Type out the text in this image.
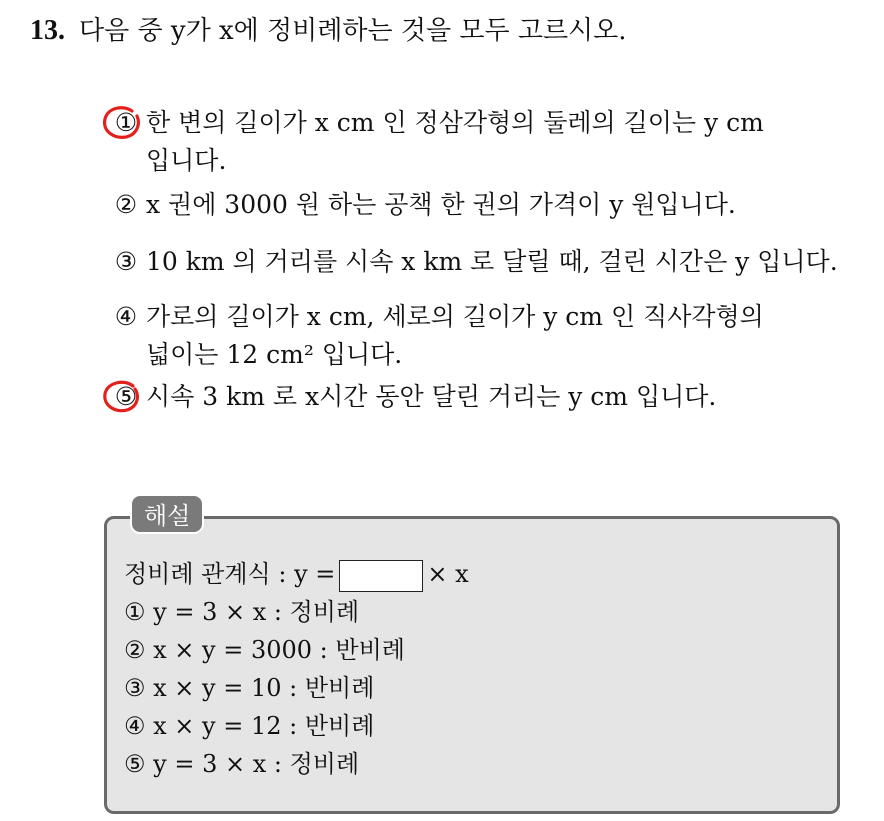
13. 다음 중 y가 x에 정비례하는 것을 모두 고르시오.
① 한 변의 길이가 x cm 인 정삼각형의 둘레의 길이는 y cm
입니다.
② x 권에 3000 원 하는 공책 한 권의 가격이 y 원입니다.
③ 10 km 의 거리를 시속 x km 로 달릴 때, 걸린 시간은 y 입니다.
④ 가로의 길이가 x cm, 세로의 길이가 y cm 인 직사각형의
넓이는 12 cm² 입니다.
⑤ 시속 3 km 로 x시간 동안 달린 거리는 y cm 입니다.
해설
정비례 관계식 : y =	× x
① y = 3 × x : 정비례
② x × y = 3000 : 반비례
③ x × y = 10 : 반비례
④ x × y = 12 : 반비례
⑤ y = 3 × x : 정비례
